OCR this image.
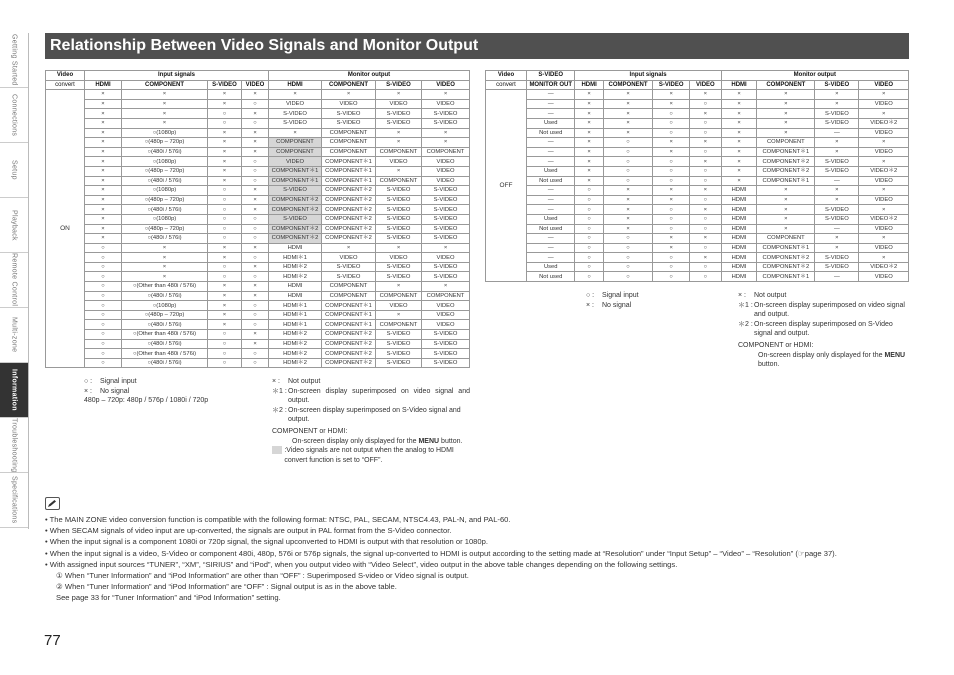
Getting Started
Connections
Setup
Playback
Remote Control
Multi-zone
Information
Troubleshooting
Specifications
Relationship Between Video Signals and Monitor Output
Video	Input signals				Monitor output			
convert	HDMI	COMPONENT	S-VIDEO	VIDEO	HDMI	COMPONENT	S-VIDEO	VIDEO
ON	×	×	×	×	×	×	×	×
	×	×	×	○	VIDEO	VIDEO	VIDEO	VIDEO
	×	×	○	×	S-VIDEO	S-VIDEO	S-VIDEO	S-VIDEO
	×	×	○	○	S-VIDEO	S-VIDEO	S-VIDEO	S-VIDEO
	×	○(1080p)	×	×	×	COMPONENT	×	×
	×	○(480p – 720p)	×	×	COMPONENT	COMPONENT	×	×
	×	○(480i / 576i)	×	×	COMPONENT	COMPONENT	COMPONENT	COMPONENT
	×	○(1080p)	×	○	VIDEO	COMPONENT＊1	VIDEO	VIDEO
	×	○(480p – 720p)	×	○	COMPONENT＊1	COMPONENT＊1	×	VIDEO
	×	○(480i / 576i)	×	○	COMPONENT＊1	COMPONENT＊1	COMPONENT	VIDEO
	×	○(1080p)	○	×	S-VIDEO	COMPONENT＊2	S-VIDEO	S-VIDEO
	×	○(480p – 720p)	○	×	COMPONENT＊2	COMPONENT＊2	S-VIDEO	S-VIDEO
	×	○(480i / 576i)	○	×	COMPONENT＊2	COMPONENT＊2	S-VIDEO	S-VIDEO
	×	○(1080p)	○	○	S-VIDEO	COMPONENT＊2	S-VIDEO	S-VIDEO
	×	○(480p – 720p)	○	○	COMPONENT＊2	COMPONENT＊2	S-VIDEO	S-VIDEO
	×	○(480i / 576i)	○	○	COMPONENT＊2	COMPONENT＊2	S-VIDEO	S-VIDEO
	○	×	×	×	HDMI	×	×	×
	○	×	×	○	HDMI＊1	VIDEO	VIDEO	VIDEO
	○	×	○	×	HDMI＊2	S-VIDEO	S-VIDEO	S-VIDEO
	○	×	○	○	HDMI＊2	S-VIDEO	S-VIDEO	S-VIDEO
	○	○(Other than 480i / 576i)	×	×	HDMI	COMPONENT	×	×
	○	○(480i / 576i)	×	×	HDMI	COMPONENT	COMPONENT	COMPONENT
	○	○(1080p)	×	○	HDMI＊1	COMPONENT＊1	VIDEO	VIDEO
	○	○(480p – 720p)	×	○	HDMI＊1	COMPONENT＊1	×	VIDEO
	○	○(480i / 576i)	×	○	HDMI＊1	COMPONENT＊1	COMPONENT	VIDEO
	○	○(Other than 480i / 576i)	○	×	HDMI＊2	COMPONENT＊2	S-VIDEO	S-VIDEO
	○	○(480i / 576i)	○	×	HDMI＊2	COMPONENT＊2	S-VIDEO	S-VIDEO
	○	○(Other than 480i / 576i)	○	○	HDMI＊2	COMPONENT＊2	S-VIDEO	S-VIDEO
	○	○(480i / 576i)	○	○	HDMI＊2	COMPONENT＊2	S-VIDEO	S-VIDEO
Video	S-VIDEO	Input signals				Monitor output			
convert	MONITOR OUT	HDMI	COMPONENT	S-VIDEO	VIDEO	HDMI	COMPONENT	S-VIDEO	VIDEO
OFF	—	×	×	×	×	×	×	×	×
	—	×	×	×	○	×	×	×	VIDEO
	—	×	×	○	×	×	×	S-VIDEO	×
	Used	×	×	○	○	×	×	S-VIDEO	VIDEO＊2
	Not used	×	×	○	○	×	×	—	VIDEO
	—	×	○	×	×	×	COMPONENT	×	×
	—	×	○	×	○	×	COMPONENT＊1	×	VIDEO
	—	×	○	○	×	×	COMPONENT＊2	S-VIDEO	×
	Used	×	○	○	○	×	COMPONENT＊2	S-VIDEO	VIDEO＊2
	Not used	×	○	○	○	×	COMPONENT＊1	—	VIDEO
	—	○	×	×	×	HDMI	×	×	×
	—	○	×	×	○	HDMI	×	×	VIDEO
	—	○	×	○	×	HDMI	×	S-VIDEO	×
	Used	○	×	○	○	HDMI	×	S-VIDEO	VIDEO＊2
	Not used	○	×	○	○	HDMI	×	—	VIDEO
	—	○	○	×	×	HDMI	COMPONENT	×	×
	—	○	○	×	○	HDMI	COMPONENT＊1	×	VIDEO
	—	○	○	○	×	HDMI	COMPONENT＊2	S-VIDEO	×
	Used	○	○	○	○	HDMI	COMPONENT＊2	S-VIDEO	VIDEO＊2
	Not used	○	○	○	○	HDMI	COMPONENT＊1	—	VIDEO
○ :	Signal input
× :	No signal
480p – 720p: 480p / 576p / 1080i / 720p
× :	Not output
＊1 : On-screen display superimposed on video signal and output.
＊2 : On-screen display superimposed on S-Video signal and output.
COMPONENT or HDMI:
On-screen display only displayed for the MENU button.
:Video signals are not output when the analog to HDMI convert function is set to “OFF”.
○ :	Signal input
× :	No signal
× :	Not output
＊1 : On-screen display superimposed on video signal and output.
＊2 : On-screen display superimposed on S-Video signal and output.
COMPONENT or HDMI:
On-screen display only displayed for the MENU button.
• The MAIN ZONE video conversion function is compatible with the following format: NTSC, PAL, SECAM, NTSC4.43, PAL-N, and PAL-60.
• When SECAM signals of video input are up-converted, the signals are output in PAL format from the S-Video connector.
• When the input signal is a component 1080i or 720p signal, the signal upconverted to HDMI is output with that resolution or 1080p.
• When the input signal is a video, S-Video or component 480i, 480p, 576i or 576p signals, the signal up-converted to HDMI is output according to the setting made at “Resolution” under “Input Setup” – “Video” – “Resolution” (☞page 37).
• With assigned input sources “TUNER”, “XM”, “SIRIUS” and “iPod”, when you output video with “Video Select”, video output in the above table changes depending on the following settings.
① When “Tuner Information” and “iPod Information” are other than “OFF” : Superimposed S-video or Video signal is output.
② When “Tuner Information” and “iPod Information” are “OFF” : Signal output is as in the above table.
See page 33 for “Tuner Information” and “iPod Information” setting.
77
